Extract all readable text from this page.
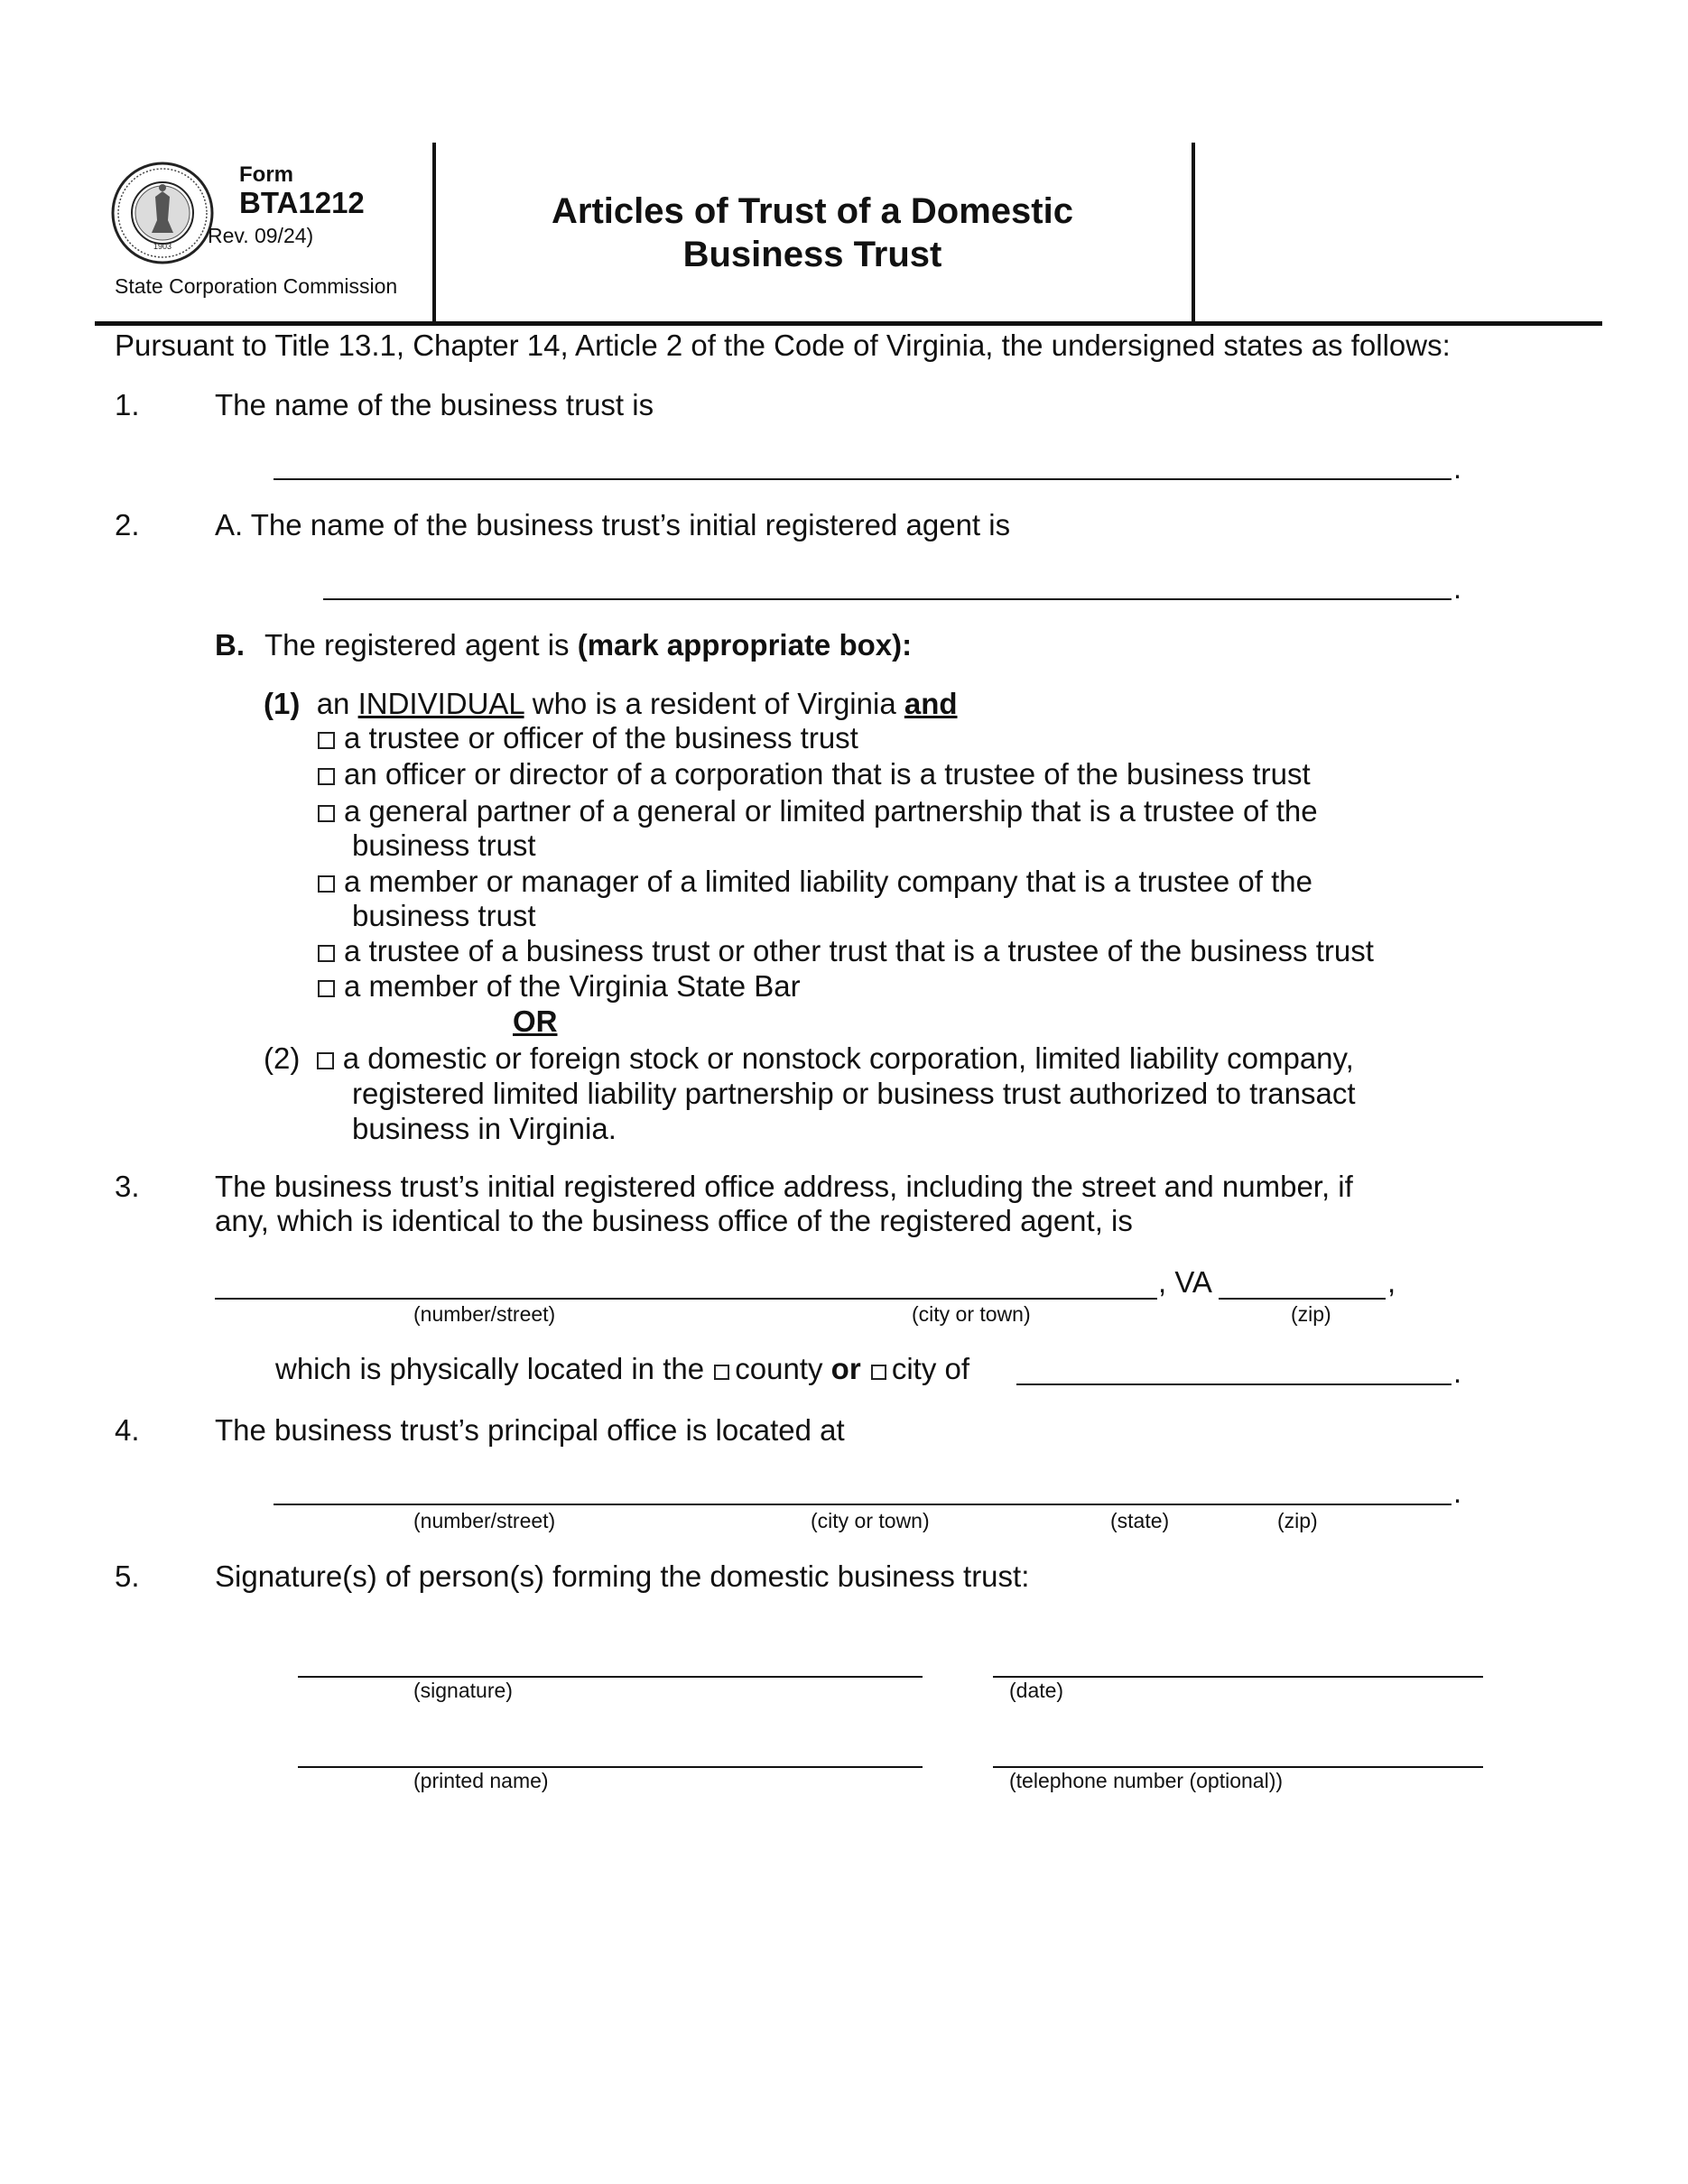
1903
Form
BTA1212
Rev. 09/24)
State Corporation Commission
Articles of Trust of a Domestic
Business Trust
Pursuant to Title 13.1, Chapter 14, Article 2 of the Code of Virginia, the undersigned states as follows:
1.	The name of the business trust is
.
2.	A. The name of the business trust’s initial registered agent is
.
B. The registered agent is (mark appropriate box):
(1) an INDIVIDUAL who is a resident of Virginia and
a trustee or officer of the business trust
an officer or director of a corporation that is a trustee of the business trust
a general partner of a general or limited partnership that is a trustee of the
business trust
a member or manager of a limited liability company that is a trustee of the
business trust
a trustee of a business trust or other trust that is a trustee of the business trust
a member of the Virginia State Bar
OR
(2) a domestic or foreign stock or nonstock corporation, limited liability company,
registered limited liability partnership or business trust authorized to transact
business in Virginia.
3.	The business trust’s initial registered office address, including the street and number, if
any, which is identical to the business office of the registered agent, is
, VA	,
(number/street)	(city or town)	(zip)
which is physically located in the county or city of	.
4.	The business trust’s principal office is located at
.
(number/street)	(city or town)	(state)	(zip)
5.	Signature(s) of person(s) forming the domestic business trust:
(signature)	(date)
(printed name)	(telephone number (optional))
